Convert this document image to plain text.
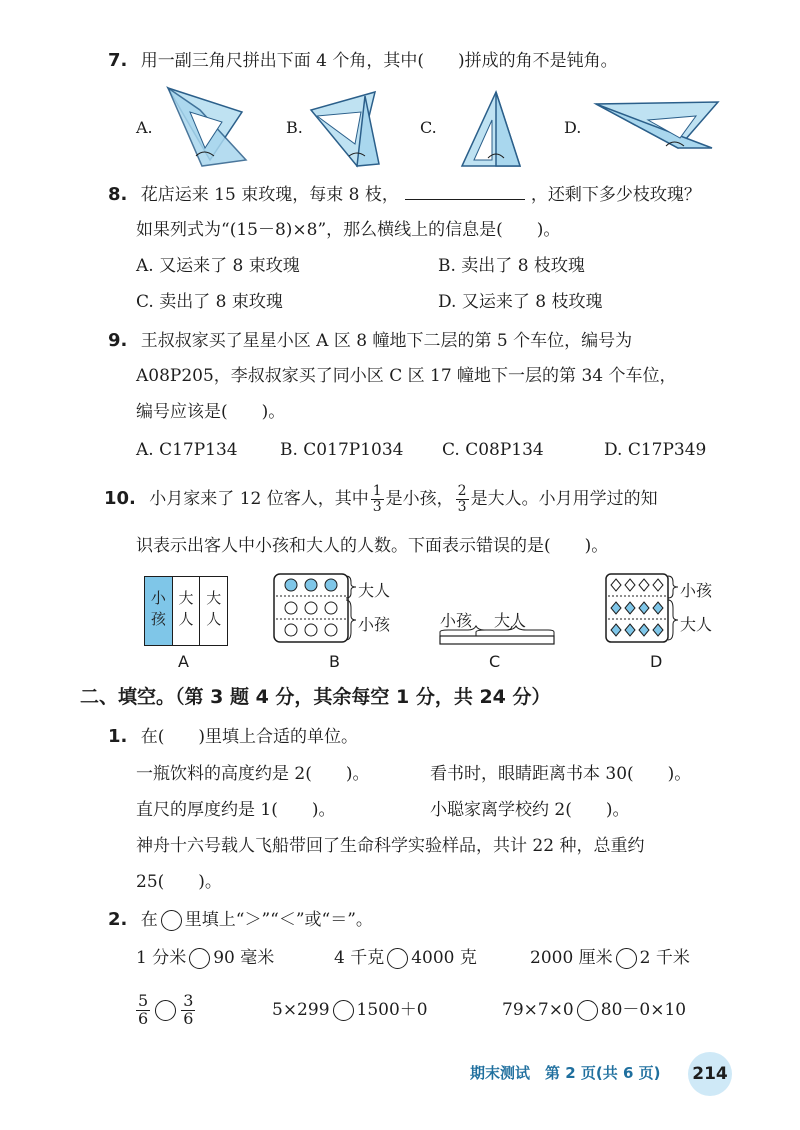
7. 用一副三角尺拼出下面 4 个角，其中(　　)拼成的角不是钝角。
A.	B.	C.	D.
8. 花店运来 15 束玫瑰，每束 8 枝，	，还剩下多少枝玫瑰？
如果列式为“(15－8)×8”，那么横线上的信息是(　　)。
A. 又运来了 8 束玫瑰	B. 卖出了 8 枝玫瑰
C. 卖出了 8 束玫瑰	D. 又运来了 8 枝玫瑰
9. 王叔叔家买了星星小区 A 区 8 幢地下二层的第 5 个车位，编号为
A08P205，李叔叔家买了同小区 C 区 17 幢地下一层的第 34 个车位，
编号应该是(　　)。
A. C17P134 B. C017P1034 C. C08P134	D. C17P349
10. 小月家来了 12 位客人，其中 $\frac{1}{3}$ 是小孩， $\frac{2}{3}$ 是大人。小月用学过的知
识表示出客人中小孩和大人的人数。下面表示错误的是(　　)。
小孩 大人 大人	大人
小孩	小孩 大人
小孩
大人
A	B	C	D
二、填空。（第 3 题 4 分，其余每空 1 分，共 24 分）
1. 在(　　)里填上合适的单位。
一瓶饮料的高度约是 2(　　)。	看书时，眼睛距离书本 30(　　)。
直尺的厚度约是 1(　　)。	小聪家离学校约 2(　　)。
神舟十六号载人飞船带回了生命科学实验样品，共计 22 种，总重约
25(　　)。
2. 在 里填上“＞”“＜”或“＝”。
1 分米 90 毫米	4 千克 4000 克	2000 厘米 2 千米
$\frac{5}{6} \frac{3}{6}$	5×299 1500＋0	79×7×0 80－0×10
期末测试　第 2 页(共 6 页) 214
